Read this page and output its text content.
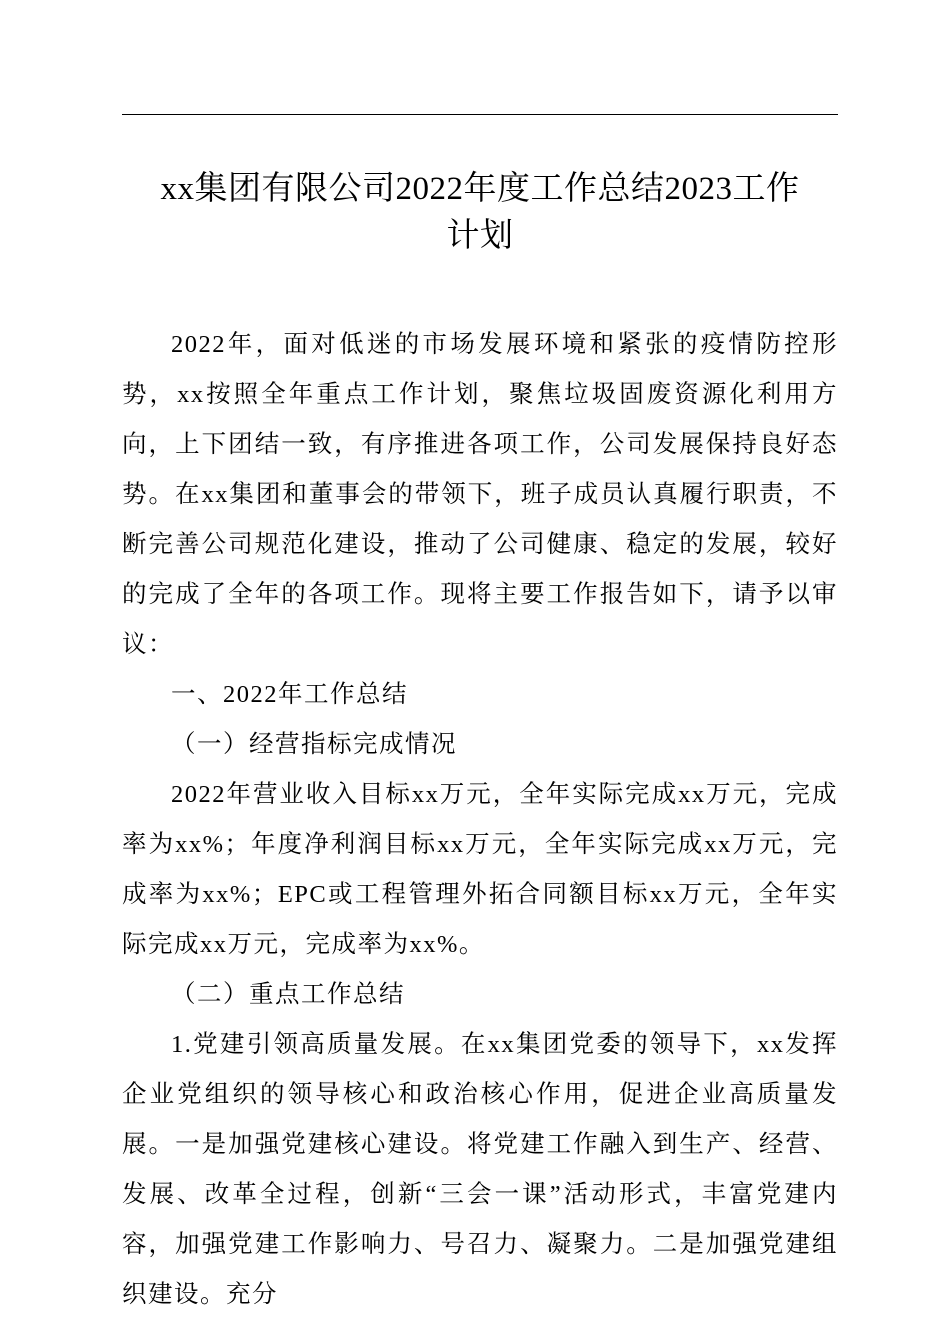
xx集团有限公司2022年度工作总结2023工作
计划

2022年，面对低迷的市场发展环境和紧张的疫情防控形势，xx按照全年重点工作计划，聚焦垃圾固废资源化利用方向，上下团结一致，有序推进各项工作，公司发展保持良好态势。在xx集团和董事会的带领下，班子成员认真履行职责，不断完善公司规范化建设，推动了公司健康、稳定的发展，较好的完成了全年的各项工作。现将主要工作报告如下，请予以审议：

一、2022年工作总结

（一）经营指标完成情况

2022年营业收入目标xx万元，全年实际完成xx万元，完成率为xx%；年度净利润目标xx万元，全年实际完成xx万元，完成率为xx%；EPC或工程管理外拓合同额目标xx万元，全年实际完成xx万元，完成率为xx%。

（二）重点工作总结

1.党建引领高质量发展。在xx集团党委的领导下，xx发挥企业党组织的领导核心和政治核心作用，促进企业高质量发展。一是加强党建核心建设。将党建工作融入到生产、经营、发展、改革全过程，创新“三会一课”活动形式，丰富党建内容，加强党建工作影响力、号召力、凝聚力。二是加强党建组织建设。充分
